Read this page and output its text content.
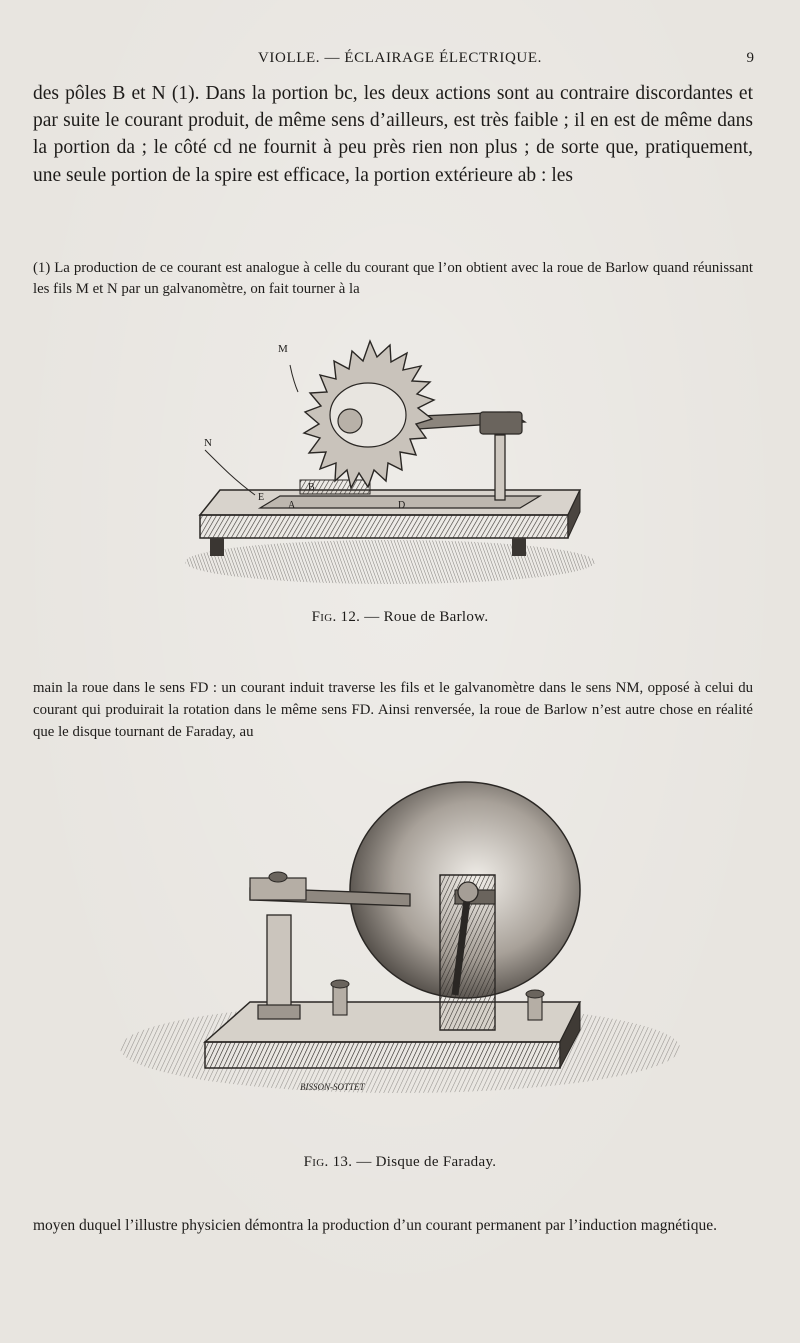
VIOLLE. — ÉCLAIRAGE ÉLECTRIQUE.	9
des pôles B et N (1). Dans la portion bc, les deux actions sont au contraire discordantes et par suite le courant produit, de même sens d’ailleurs, est très faible ; il en est de même dans la portion da ; le côté cd ne fournit à peu près rien non plus ; de sorte que, pratiquement, une seule portion de la spire est efficace, la portion extérieure ab : les
(1) La production de ce courant est analogue à celle du courant que l’on obtient avec la roue de Barlow quand réunissant les fils M et N par un galvanomètre, on fait tourner à la
M
N
E
B
A	D
Fig. 12. — Roue de Barlow.
main la roue dans le sens FD : un courant induit traverse les fils et le galvanomètre dans le sens NM, opposé à celui du courant qui produirait la rotation dans le même sens FD. Ainsi renversée, la roue de Barlow n’est autre chose en réalité que le disque tournant de Faraday, au
BISSON-SOTTET
Fig. 13. — Disque de Faraday.
moyen duquel l’illustre physicien démontra la production d’un courant permanent par l’induction magnétique.
